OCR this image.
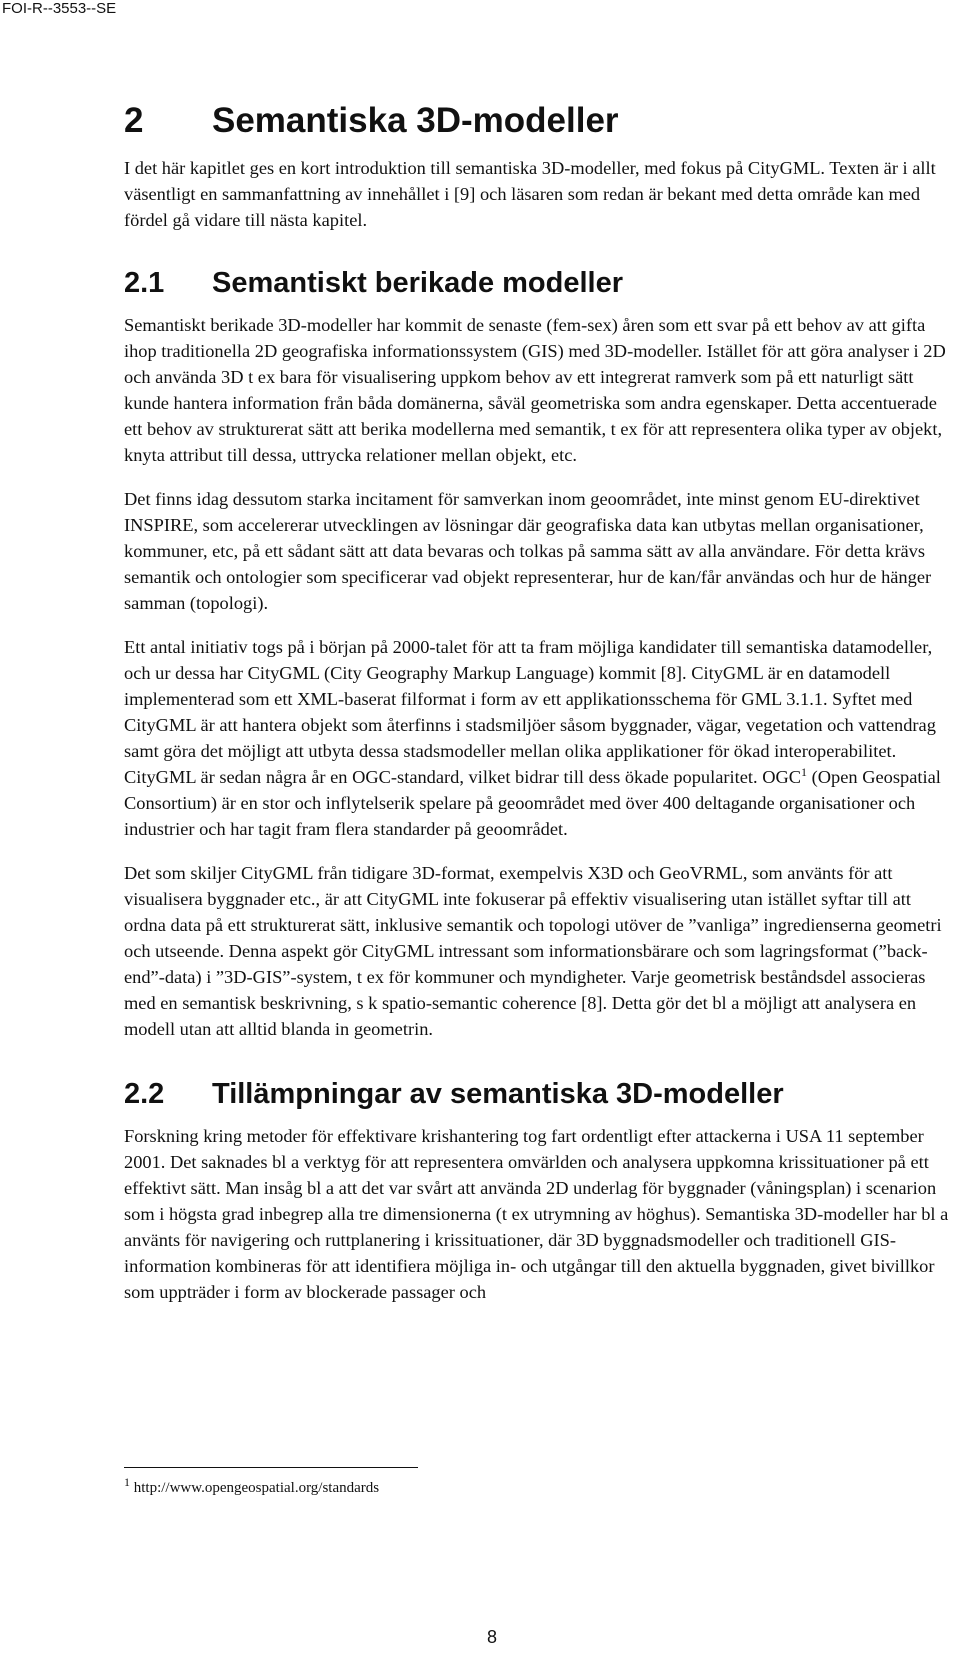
FOI-R--3553--SE
2 Semantiska 3D-modeller

I det här kapitlet ges en kort introduktion till semantiska 3D-modeller, med fokus på CityGML. Texten är i allt väsentligt en sammanfattning av innehållet i [9] och läsaren som redan är bekant med detta område kan med fördel gå vidare till nästa kapitel.

2.1 Semantiskt berikade modeller

Semantiskt berikade 3D-modeller har kommit de senaste (fem-sex) åren som ett svar på ett behov av att gifta ihop traditionella 2D geografiska informationssystem (GIS) med 3D-modeller. Istället för att göra analyser i 2D och använda 3D t ex bara för visualisering uppkom behov av ett integrerat ramverk som på ett naturligt sätt kunde hantera information från båda domänerna, såväl geometriska som andra egenskaper. Detta accentuerade ett behov av strukturerat sätt att berika modellerna med semantik, t ex för att representera olika typer av objekt, knyta attribut till dessa, uttrycka relationer mellan objekt, etc.

Det finns idag dessutom starka incitament för samverkan inom geoområdet, inte minst genom EU-direktivet INSPIRE, som accelererar utvecklingen av lösningar där geografiska data kan utbytas mellan organisationer, kommuner, etc, på ett sådant sätt att data bevaras och tolkas på samma sätt av alla användare. För detta krävs semantik och ontologier som specificerar vad objekt representerar, hur de kan/får användas och hur de hänger samman (topologi).

Ett antal initiativ togs på i början på 2000-talet för att ta fram möjliga kandidater till semantiska datamodeller, och ur dessa har CityGML (City Geography Markup Language) kommit [8]. CityGML är en datamodell implementerad som ett XML-baserat filformat i form av ett applikationsschema för GML 3.1.1. Syftet med CityGML är att hantera objekt som återfinns i stadsmiljöer såsom byggnader, vägar, vegetation och vattendrag samt göra det möjligt att utbyta dessa stadsmodeller mellan olika applikationer för ökad interoperabilitet. CityGML är sedan några år en OGC-standard, vilket bidrar till dess ökade popularitet. OGC$^1$ (Open Geospatial Consortium) är en stor och inflytelserik spelare på geoområdet med över 400 deltagande organisationer och industrier och har tagit fram flera standarder på geoområdet.

Det som skiljer CityGML från tidigare 3D-format, exempelvis X3D och GeoVRML, som använts för att visualisera byggnader etc., är att CityGML inte fokuserar på effektiv visualisering utan istället syftar till att ordna data på ett strukturerat sätt, inklusive semantik och topologi utöver de ”vanliga” ingredienserna geometri och utseende. Denna aspekt gör CityGML intressant som informationsbärare och som lagringsformat (”back-end”-data) i ”3D-GIS”-system, t ex för kommuner och myndigheter. Varje geometrisk beståndsdel associeras med en semantisk beskrivning, s k spatio-semantic coherence [8]. Detta gör det bl a möjligt att analysera en modell utan att alltid blanda in geometrin.

2.2 Tillämpningar av semantiska 3D-modeller

Forskning kring metoder för effektivare krishantering tog fart ordentligt efter attackerna i USA 11 september 2001. Det saknades bl a verktyg för att representera omvärlden och analysera uppkomna krissituationer på ett effektivt sätt. Man insåg bl a att det var svårt att använda 2D underlag för byggnader (våningsplan) i scenarion som i högsta grad inbegrep alla tre dimensionerna (t ex utrymning av höghus). Semantiska 3D-modeller har bl a använts för navigering och ruttplanering i krissituationer, där 3D byggnadsmodeller och traditionell GIS-information kombineras för att identifiera möjliga in- och utgångar till den aktuella byggnaden, givet bivillkor som uppträder i form av blockerade passager och

$^1$ http://www.opengeospatial.org/standards
8
